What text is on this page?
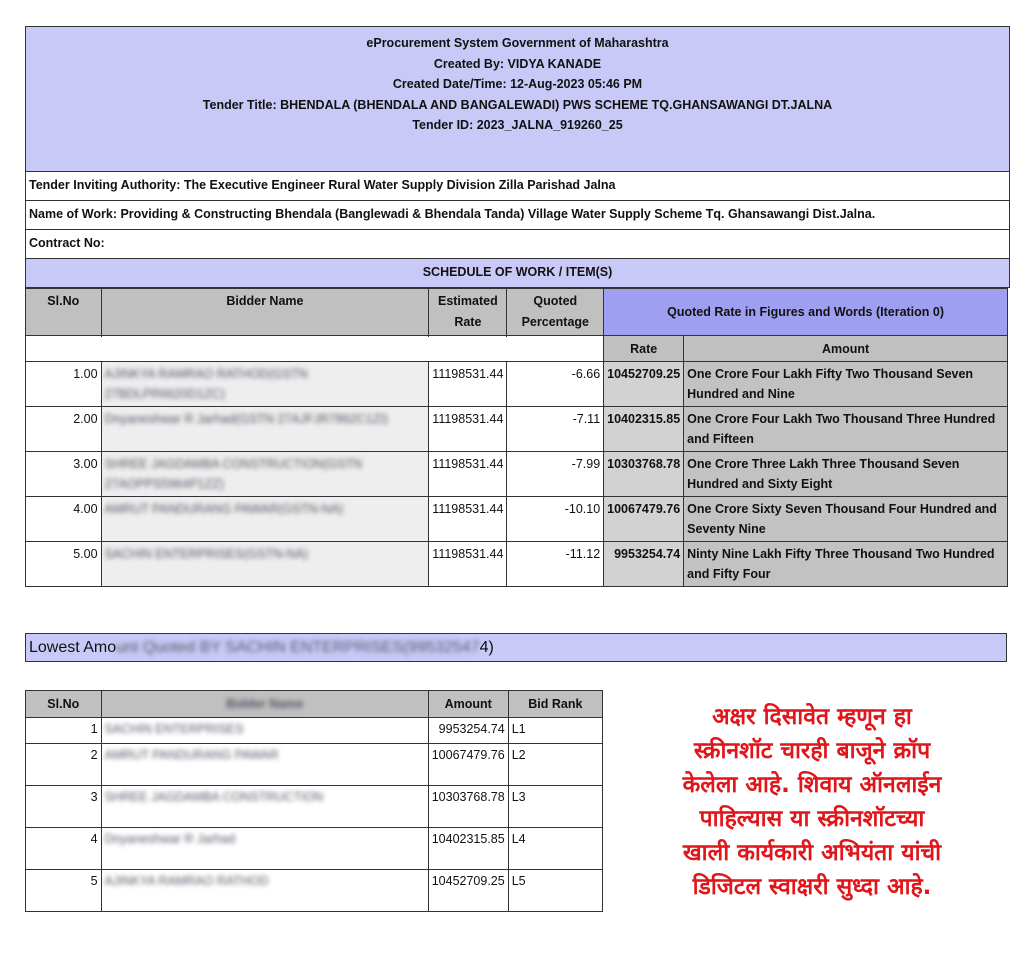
eProcurement System Government of Maharashtra
Created By: VIDYA KANADE
Created Date/Time: 12-Aug-2023 05:46 PM
Tender Title: BHENDALA (BHENDALA AND BANGALEWADI) PWS SCHEME TQ.GHANSAWANGI DT.JALNA
Tender ID: 2023_JALNA_919260_25
Tender Inviting Authority: The Executive Engineer Rural Water Supply Division Zilla Parishad Jalna
Name of Work: Providing & Constructing Bhendala (Banglewadi & Bhendala Tanda) Village Water Supply Scheme Tq. Ghansawangi Dist.Jalna.
Contract No:
SCHEDULE OF WORK / ITEM(S)
Sl.No	Bidder Name	Estimated Rate	Quoted Percentage	Quoted Rate in Figures and Words (Iteration 0)	

				Rate	Amount
1.00	AJINKYA RAMRAO RATHOD(GSTN 27BDLPR6620D1ZC)	11198531.44	-6.66	10452709.25	One Crore Four Lakh Fifty Two Thousand Seven Hundred and Nine
2.00	Dnyaneshwar R Jarhad(GSTN 27AJFJR7862C1ZI)	11198531.44	-7.11	10402315.85	One Crore Four Lakh Two Thousand Three Hundred and Fifteen
3.00	SHREE JAGDAMBA CONSTRUCTION(GSTN 27AOPPS5964P1ZZ)	11198531.44	-7.99	10303768.78	One Crore Three Lakh Three Thousand Seven Hundred and Sixty Eight
4.00	AMRUT PANDURANG PAWAR(GSTN-NA)	11198531.44	-10.10	10067479.76	One Crore Sixty Seven Thousand Four Hundred and Seventy Nine
5.00	SACHIN ENTERPRISES(GSTN-NA)	11198531.44	-11.12	9953254.74	Ninty Nine Lakh Fifty Three Thousand Two Hundred and Fifty Four
Lowest Amount Quoted BY SACHIN ENTERPRISES(995325474)
Sl.No	Bidder Name	Amount	Bid Rank
1	SACHIN ENTERPRISES	9953254.74	L1
2	AMRUT PANDURANG PAWAR	10067479.76	L2
3	SHREE JAGDAMBA CONSTRUCTION	10303768.78	L3
4	Dnyaneshwar R Jarhad	10402315.85	L4
5	AJINKYA RAMRAO RATHOD	10452709.25	L5
अक्षर दिसावेत म्हणून हा
स्क्रीनशॉट चारही बाजूने क्रॉप
केलेला आहे. शिवाय ऑनलाईन
पाहिल्यास या स्क्रीनशॉटच्या
खाली कार्यकारी अभियंता यांची
डिजिटल स्वाक्षरी सुध्दा आहे.
